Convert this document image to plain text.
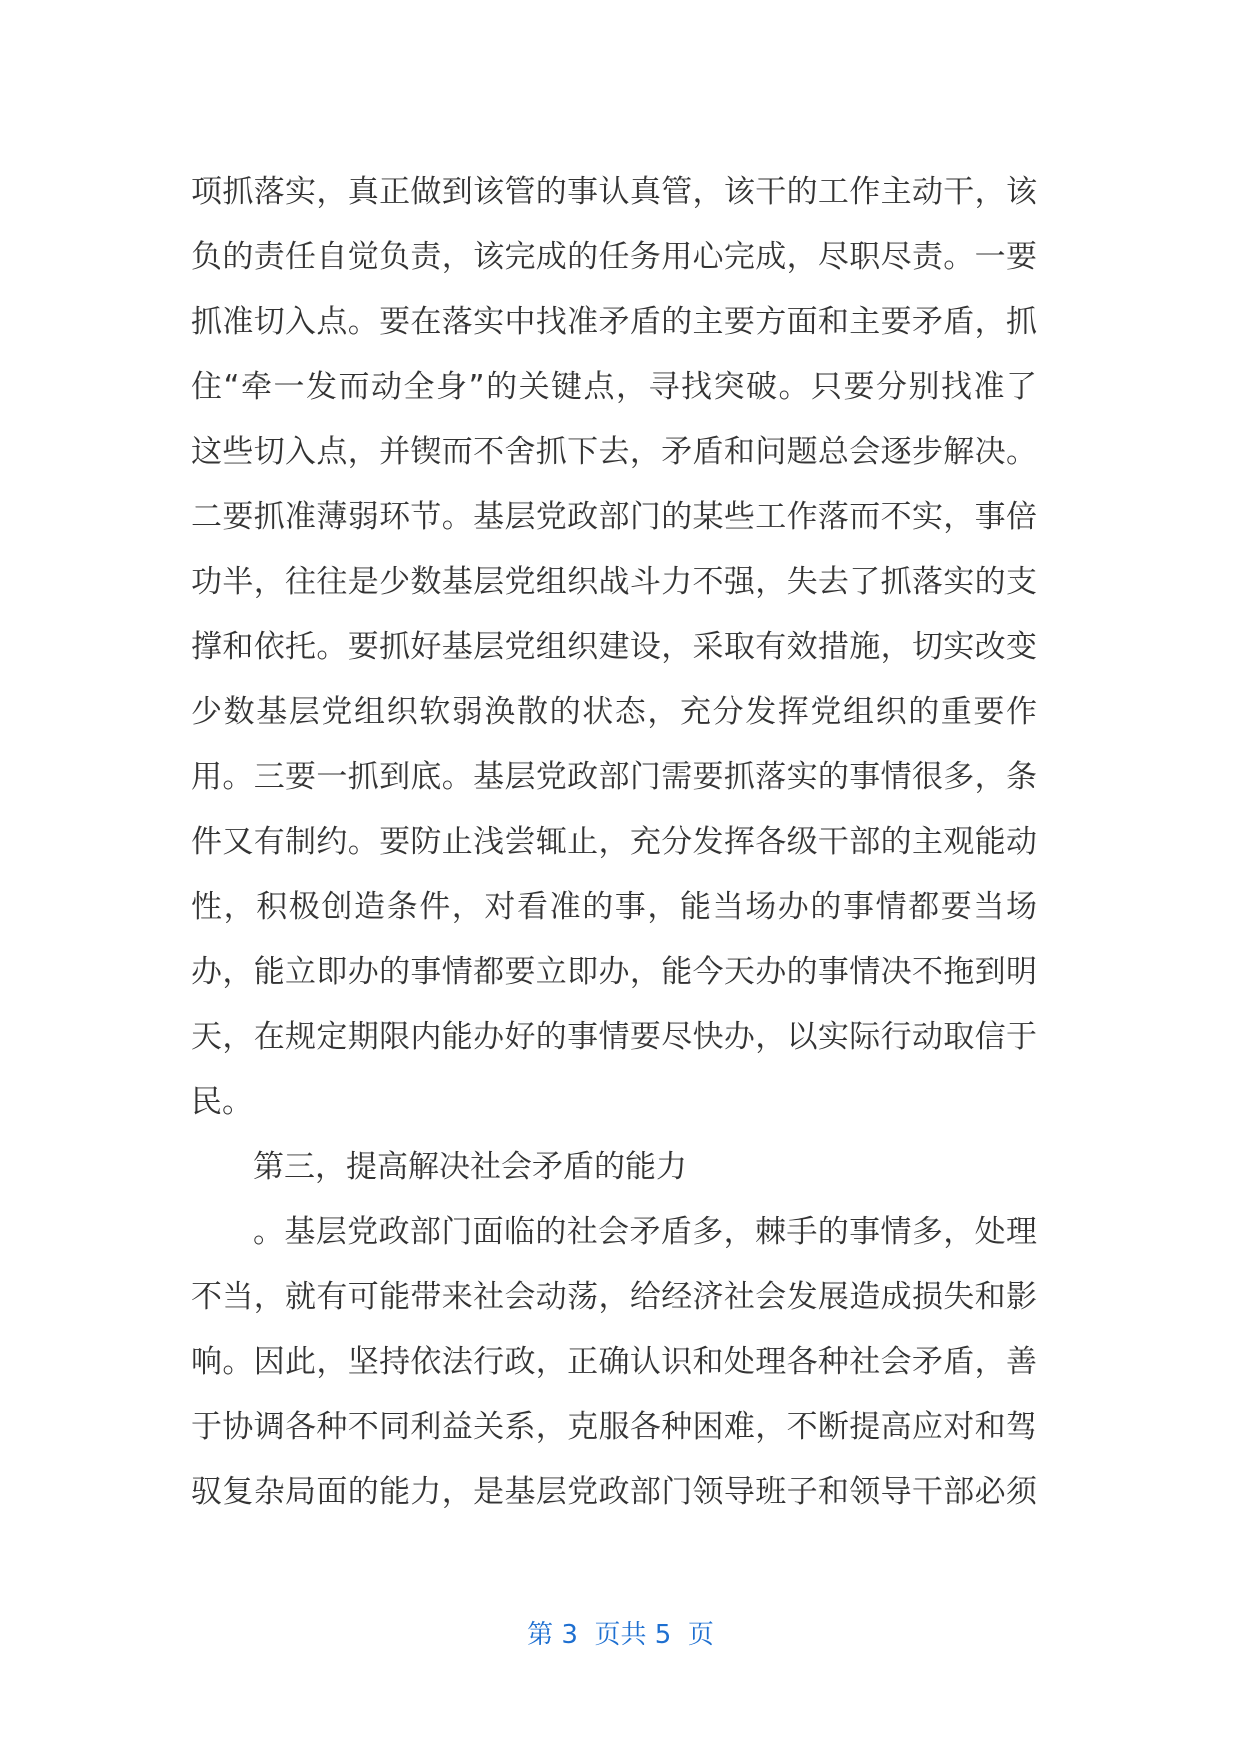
项抓落实，真正做到该管的事认真管，该干的工作主动干，该
负的责任自觉负责，该完成的任务用心完成，尽职尽责。一要
抓准切入点。要在落实中找准矛盾的主要方面和主要矛盾，抓
住“牵一发而动全身”的关键点，寻找突破。只要分别找准了
这些切入点，并锲而不舍抓下去，矛盾和问题总会逐步解决。
二要抓准薄弱环节。基层党政部门的某些工作落而不实，事倍
功半，往往是少数基层党组织战斗力不强，失去了抓落实的支
撑和依托。要抓好基层党组织建设，采取有效措施，切实改变
少数基层党组织软弱涣散的状态，充分发挥党组织的重要作
用。三要一抓到底。基层党政部门需要抓落实的事情很多，条
件又有制约。要防止浅尝辄止，充分发挥各级干部的主观能动
性，积极创造条件，对看准的事，能当场办的事情都要当场
办，能立即办的事情都要立即办，能今天办的事情决不拖到明
天，在规定期限内能办好的事情要尽快办，以实际行动取信于
民。
第三，提高解决社会矛盾的能力
。基层党政部门面临的社会矛盾多，棘手的事情多，处理
不当，就有可能带来社会动荡，给经济社会发展造成损失和影
响。因此，坚持依法行政，正确认识和处理各种社会矛盾，善
于协调各种不同利益关系，克服各种困难，不断提高应对和驾
驭复杂局面的能力，是基层党政部门领导班子和领导干部必须
第 3  页共 5  页
